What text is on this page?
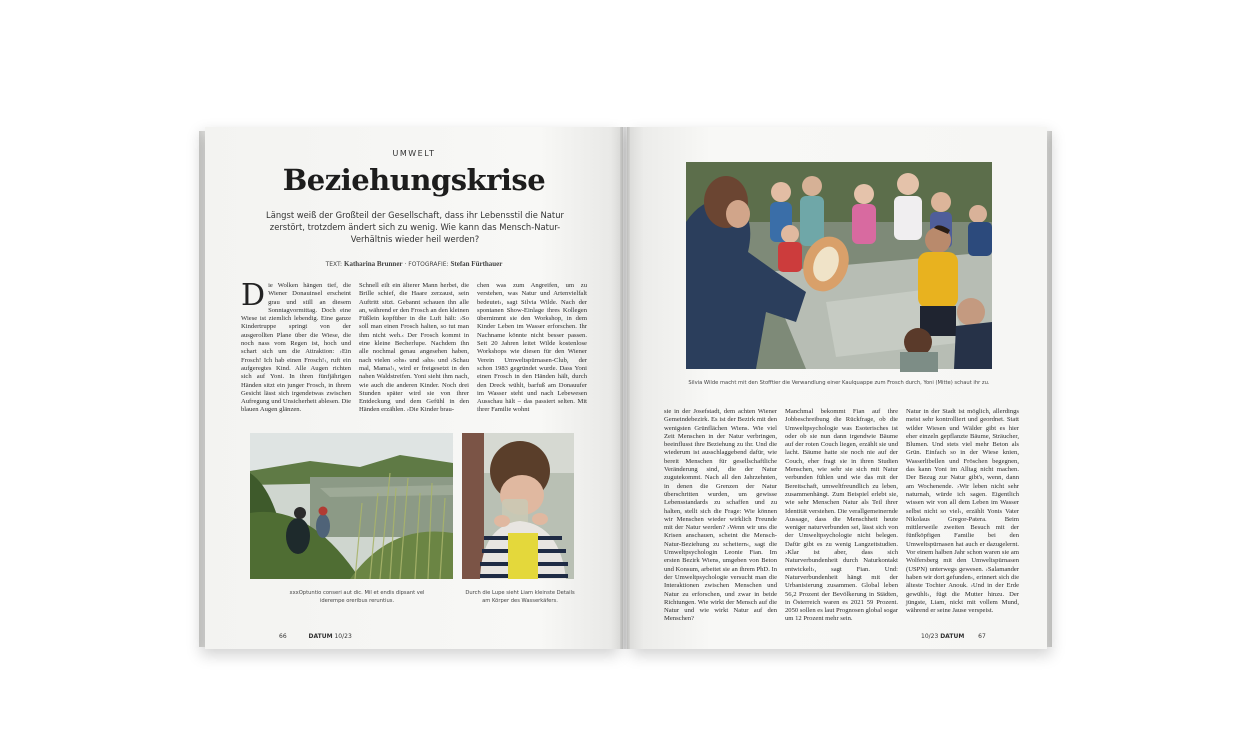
UMWELT
Beziehungskrise
Längst weiß der Großteil der Gesellschaft, dass ihr Lebensstil die Natur zerstört, trotzdem ändert sich zu wenig. Wie kann das Mensch-Natur-Verhältnis wieder heil werden?
TEXT: Katharina Brunner · FOTOGRAFIE: Stefan Fürthauer
Die Wolken hängen tief, die Wiener Donauinsel erscheint grau und still an diesem Sonntagvormittag. Doch eine Wiese ist ziemlich lebendig. Eine ganze Kindertruppe springt von der ausgerollten Plane über die Wiese, die noch nass vom Regen ist, hoch und schart sich um die Attraktion: ›Ein Frosch! Ich hab einen Frosch!‹, ruft ein aufgeregtes Kind. Alle Augen richten sich auf Yoni. In ihren fünfjährigen Händen sitzt ein junger Frosch, in ihrem Gesicht lässt sich irgendetwas zwischen Aufregung und Unsicherheit ablesen. Die blauen Augen glänzen.
Schnell eilt ein älterer Mann herbei, die Brille schief, die Haare zerzaust, sein Auftritt sitzt. Gebannt schauen ihn alle an, während er den Frosch an den kleinen Füßlein kopfüber in die Luft hält: ›So soll man einen Frosch halten, so tut man ihm nicht weh.‹ Der Frosch kommt in eine kleine Becherlupe. Nachdem ihn alle nochmal genau angesehen haben, nach vielen ›ohs‹ und ›ahs‹ und ›Schau mal, Mama!‹, wird er freigesetzt in den nahen Waldstreifen. Yoni sieht ihm nach, wie auch die anderen Kinder. Noch drei Stunden später wird sie von ihrer Entdeckung und dem Gefühl in den Händen erzählen. ›Die Kinder brau-
chen was zum Angreifen, um zu verstehen, was Natur und Artenvielfalt bedeutet‹, sagt Silvia Wilde. Nach der spontanen Show-Einlage ihres Kollegen übernimmt sie den Workshop, in dem Kinder Leben im Wasser erforschen. Ihr Nachname könnte nicht besser passen. Seit 20 Jahren leitet Wilde kostenlose Workshops wie diesen für den Wiener Verein Umweltspürnasen-Club, der schon 1983 gegründet wurde. Dass Yoni einen Frosch in den Händen hält, durch den Dreck wühlt, barfuß am Donauufer im Wasser steht und nach Lebewesen Ausschau hält – das passiert selten. Mit ihrer Familie wohnt
xxxOptuntio conseri aut dic. Mil et endis dipsant vel iderempe oreribus reruntius.
Durch die Lupe sieht Liam kleinste Details am Körper des Wasserkäfers.
66	DATUM 10/23
Silvia Wilde macht mit den Stofftier die Verwandlung einer Kaulquappe zum Frosch durch, Yoni (Mitte) schaut ihr zu.
sie in der Josefstadt, dem achten Wiener Gemeindebezirk. Es ist der Bezirk mit den wenigsten Grünflächen Wiens. Wie viel Zeit Menschen in der Natur verbringen, beeinflusst ihre Beziehung zu ihr. Und die wiederum ist ausschlaggebend dafür, wie bereit Menschen für gesellschaftliche Veränderung sind, die der Natur zugutekommt. Nach all den Jahrzehnten, in denen die Grenzen der Natur überschritten wurden, um gewisse Lebensstandards zu schaffen und zu halten, stellt sich die Frage: Wie können wir Menschen wieder wirklich Freunde mit der Natur werden? ›Wenn wir uns die Krisen anschauen, scheint die Mensch-Natur-Beziehung zu scheitern‹, sagt die Umweltpsychologin Leonie Fian. Im ersten Bezirk Wiens, umgeben von Beton und Konsum, arbeitet sie an ihrem PhD. In der Umweltpsychologie versucht man die Interaktionen zwischen Menschen und Natur zu erforschen, und zwar in beide Richtungen. Wie wirkt der Mensch auf die Natur und wie wirkt Natur auf den Menschen?
Manchmal bekommt Fian auf ihre Jobbeschreibung die Rückfrage, ob die Umweltpsychologie was Esoterisches ist oder ob sie nun dann irgendwie Bäume auf der roten Couch liegen, erzählt sie und lacht. Bäume hatte sie noch nie auf der Couch, eher fragt sie in ihren Studien Menschen, wie sehr sie sich mit Natur verbunden fühlen und wie das mit der Bereitschaft, umweltfreundlich zu leben, zusammenhängt. Zum Beispiel erlebt sie, wie sehr Menschen Natur als Teil ihrer Identität verstehen. Die verallgemeinernde Aussage, dass die Menschheit heute weniger naturverbunden sei, lässt sich von der Umweltpsychologie nicht belegen. Dafür gibt es zu wenig Langzeitstudien. ›Klar ist aber, dass sich Naturverbundenheit durch Naturkontakt entwickelt‹, sagt Fian. Und: Naturverbundenheit hängt mit der Urbanisierung zusammen. Global leben 56,2 Prozent der Bevölkerung in Städten, in Österreich waren es 2021 59 Prozent. 2050 sollen es laut Prognosen global sogar um 12 Prozent mehr sein.
Natur in der Stadt ist möglich, allerdings meist sehr kontrolliert und geordnet. Statt wilder Wiesen und Wälder gibt es hier eher einzeln gepflanzte Bäume, Sträucher, Blumen. Und stets viel mehr Beton als Grün. Einfach so in der Wiese knien, Wasserlibellen und Fröschen begegnen, das kann Yoni im Alltag nicht machen. Der Bezug zur Natur gibt's, wenn, dann am Wochenende. ›Wir leben nicht sehr naturnah, würde ich sagen. Eigentlich wissen wir von all dem Leben im Wasser selbst nicht so viel‹, erzählt Yonis Vater Nikolaus Gregor-Patera. Beim mittlerweile zweiten Besuch mit der fünfköpfigen Familie bei den Umweltspürnasen hat auch er dazugelernt. Vor einem halben Jahr schon waren sie am Wolfersberg mit den Umweltspürnasen (USPN) unterwegs gewesen. ›Salamander haben wir dort gefunden‹, erinnert sich die älteste Tochter Anouk. ›Und in der Erde gewühlt‹, fügt die Mutter hinzu. Der jüngste, Liam, nickt mit vollem Mund, während er seine Jause verspeist.
10/23 DATUM 67
